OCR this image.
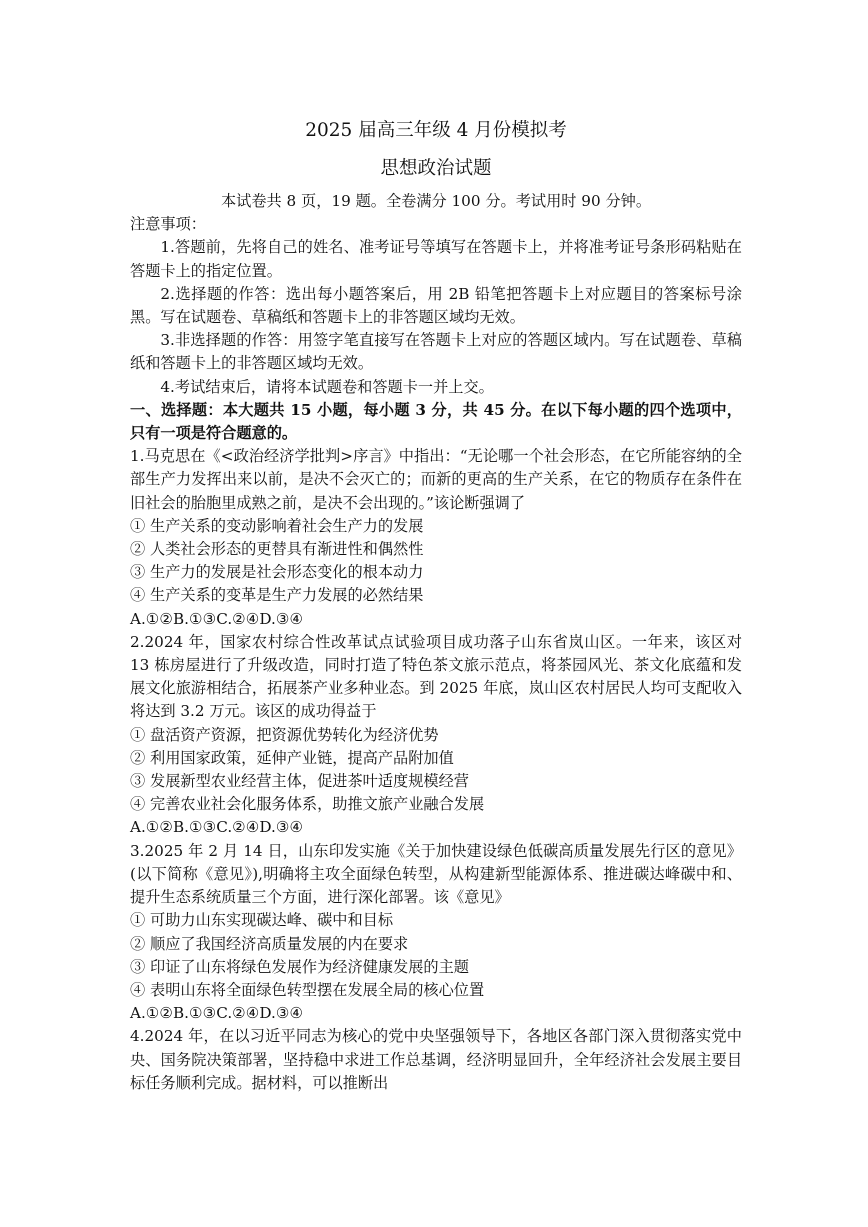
2025 届高三年级 4 月份模拟考
思想政治试题

本试卷共 8 页，19 题。全卷满分 100 分。考试用时 90 分钟。

注意事项：

1.答题前，先将自己的姓名、准考证号等填写在答题卡上，并将准考证号条形码粘贴在答题卡上的指定位置。

2.选择题的作答：选出每小题答案后，用 2B 铅笔把答题卡上对应题目的答案标号涂黑。写在试题卷、草稿纸和答题卡上的非答题区域均无效。

3.非选择题的作答：用签字笔直接写在答题卡上对应的答题区域内。写在试题卷、草稿纸和答题卡上的非答题区域均无效。

4.考试结束后，请将本试题卷和答题卡一并上交。

一、选择题：本大题共 15 小题，每小题 3 分，共 45 分。在以下每小题的四个选项中，只有一项是符合题意的。

1.马克思在《<政治经济学批判>序言》中指出：“无论哪一个社会形态，在它所能容纳的全部生产力发挥出来以前，是决不会灭亡的；而新的更高的生产关系，在它的物质存在条件在旧社会的胎胞里成熟之前，是决不会出现的。”该论断强调了

① 生产关系的变动影响着社会生产力的发展

② 人类社会形态的更替具有渐进性和偶然性

③ 生产力的发展是社会形态变化的根本动力

④ 生产关系的变革是生产力发展的必然结果

A.①②B.①③C.②④D.③④

2.2024 年，国家农村综合性改革试点试验项目成功落子山东省岚山区。一年来，该区对 13 栋房屋进行了升级改造，同时打造了特色茶文旅示范点，将茶园风光、茶文化底蕴和发展文化旅游相结合，拓展茶产业多种业态。到 2025 年底，岚山区农村居民人均可支配收入将达到 3.2 万元。该区的成功得益于

① 盘活资产资源，把资源优势转化为经济优势

② 利用国家政策，延伸产业链，提高产品附加值

③ 发展新型农业经营主体，促进茶叶适度规模经营

④ 完善农业社会化服务体系，助推文旅产业融合发展

A.①②B.①③C.②④D.③④

3.2025 年 2 月 14 日，山东印发实施《关于加快建设绿色低碳高质量发展先行区的意见》(以下简称《意见》),明确将主攻全面绿色转型，从构建新型能源体系、推进碳达峰碳中和、提升生态系统质量三个方面，进行深化部署。该《意见》

① 可助力山东实现碳达峰、碳中和目标

② 顺应了我国经济高质量发展的内在要求

③ 印证了山东将绿色发展作为经济健康发展的主题

④ 表明山东将全面绿色转型摆在发展全局的核心位置

A.①②B.①③C.②④D.③④

4.2024 年，在以习近平同志为核心的党中央坚强领导下，各地区各部门深入贯彻落实党中央、国务院决策部署，坚持稳中求进工作总基调，经济明显回升，全年经济社会发展主要目标任务顺利完成。据材料，可以推断出
